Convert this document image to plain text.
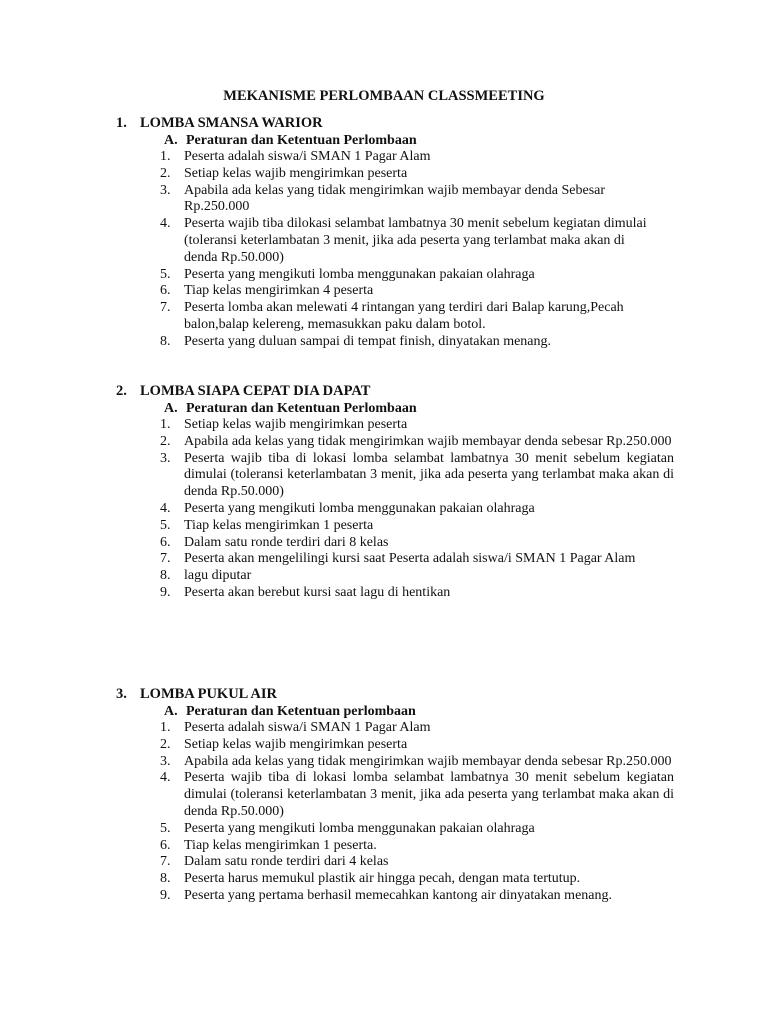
MEKANISME PERLOMBAAN CLASSMEETING
1. LOMBA SMANSA WARIOR
A. Peraturan dan Ketentuan Perlombaan
1. Peserta adalah siswa/i SMAN 1 Pagar Alam
2. Setiap kelas wajib mengirimkan peserta
3. Apabila ada kelas yang tidak mengirimkan wajib membayar denda Sebesar Rp.250.000
4. Peserta wajib tiba dilokasi selambat lambatnya 30 menit sebelum kegiatan dimulai (toleransi keterlambatan 3 menit, jika ada peserta yang terlambat maka akan di denda Rp.50.000)
5. Peserta yang mengikuti lomba menggunakan pakaian olahraga
6. Tiap kelas mengirimkan 4 peserta
7. Peserta lomba akan melewati 4 rintangan yang terdiri dari Balap karung,Pecah balon,balap kelereng, memasukkan paku dalam botol.
8. Peserta yang duluan sampai di tempat finish, dinyatakan menang.
2. LOMBA SIAPA CEPAT DIA DAPAT
A. Peraturan dan Ketentuan Perlombaan
1. Setiap kelas wajib mengirimkan peserta
2. Apabila ada kelas yang tidak mengirimkan wajib membayar denda sebesar Rp.250.000
3. Peserta wajib tiba di lokasi lomba selambat lambatnya 30 menit sebelum kegiatan dimulai (toleransi keterlambatan 3 menit, jika ada peserta yang terlambat maka akan di denda Rp.50.000)
4. Peserta yang mengikuti lomba menggunakan pakaian olahraga
5. Tiap kelas mengirimkan 1 peserta
6. Dalam satu ronde terdiri dari 8 kelas
7. Peserta akan mengelilingi kursi saat Peserta adalah siswa/i SMAN 1 Pagar Alam
8. lagu diputar
9. Peserta akan berebut kursi saat lagu di hentikan
3. LOMBA PUKUL AIR
A. Peraturan dan Ketentuan perlombaan
1. Peserta adalah siswa/i SMAN 1 Pagar Alam
2. Setiap kelas wajib mengirimkan peserta
3. Apabila ada kelas yang tidak mengirimkan wajib membayar denda sebesar Rp.250.000
4. Peserta wajib tiba di lokasi lomba selambat lambatnya 30 menit sebelum kegiatan dimulai (toleransi keterlambatan 3 menit, jika ada peserta yang terlambat maka akan di denda Rp.50.000)
5. Peserta yang mengikuti lomba menggunakan pakaian olahraga
6. Tiap kelas mengirimkan 1 peserta.
7. Dalam satu ronde terdiri dari 4 kelas
8. Peserta harus memukul plastik air hingga pecah, dengan mata tertutup.
9. Peserta yang pertama berhasil memecahkan kantong air dinyatakan menang.
